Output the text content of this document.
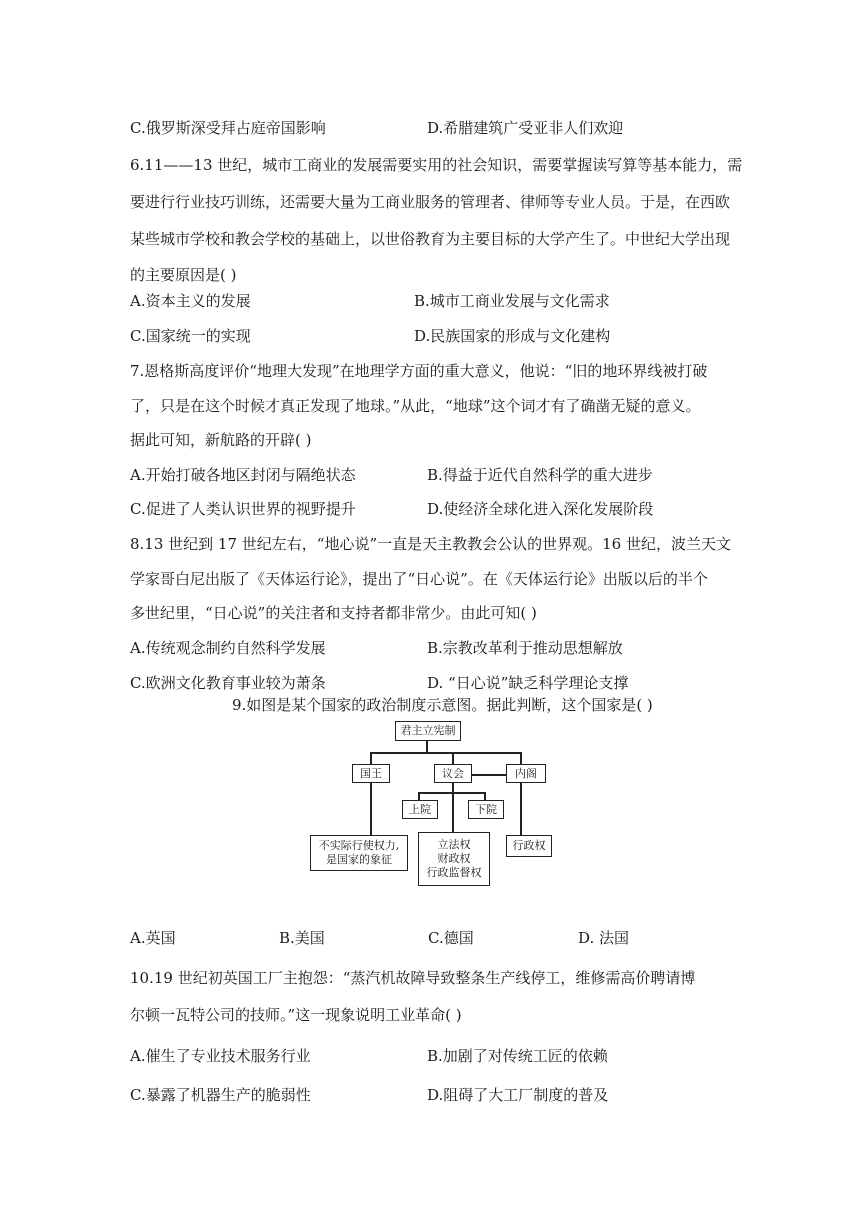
C.俄罗斯深受拜占庭帝国影响	D.希腊建筑广受亚非人们欢迎
6.11——13 世纪，城市工商业的发展需要实用的社会知识，需要掌握读写算等基本能力，需
要进行行业技巧训练，还需要大量为工商业服务的管理者、律师等专业人员。于是，在西欧
某些城市学校和教会学校的基础上，以世俗教育为主要目标的大学产生了。中世纪大学出现
的主要原因是( )
A.资本主义的发展	B.城市工商业发展与文化需求
C.国家统一的实现	D.民族国家的形成与文化建构
7.恩格斯高度评价“地理大发现”在地理学方面的重大意义，他说：“旧的地环界线被打破
了，只是在这个时候才真正发现了地球。”从此，“地球”这个词才有了确凿无疑的意义。
据此可知，新航路的开辟( )
A.开始打破各地区封闭与隔绝状态	B.得益于近代自然科学的重大进步
C.促进了人类认识世界的视野提升	D.使经济全球化进入深化发展阶段
8.13 世纪到 17 世纪左右，“地心说”一直是天主教教会公认的世界观。16 世纪，波兰天文
学家哥白尼出版了《天体运行论》，提出了“日心说”。在《天体运行论》出版以后的半个
多世纪里，“日心说”的关注者和支持者都非常少。由此可知( )
A.传统观念制约自然科学发展	B.宗教改革利于推动思想解放
C.欧洲文化教育事业较为萧条	D. “日心说”缺乏科学理论支撑
9.如图是某个国家的政治制度示意图。据此判断，这个国家是( )
君主立宪制
国王	议会	内阁
上院	下院
不实际行使权力,
是国家的象征
立法权
财政权
行政监督权
行政权
A.英国	B.美国	C.德国	D. 法国
10.19 世纪初英国工厂主抱怨：“蒸汽机故障导致整条生产线停工，维修需高价聘请博
尔顿一瓦特公司的技师。”这一现象说明工业革命( )
A.催生了专业技术服务行业	B.加剧了对传统工匠的依赖
C.暴露了机器生产的脆弱性	D.阻碍了大工厂制度的普及
